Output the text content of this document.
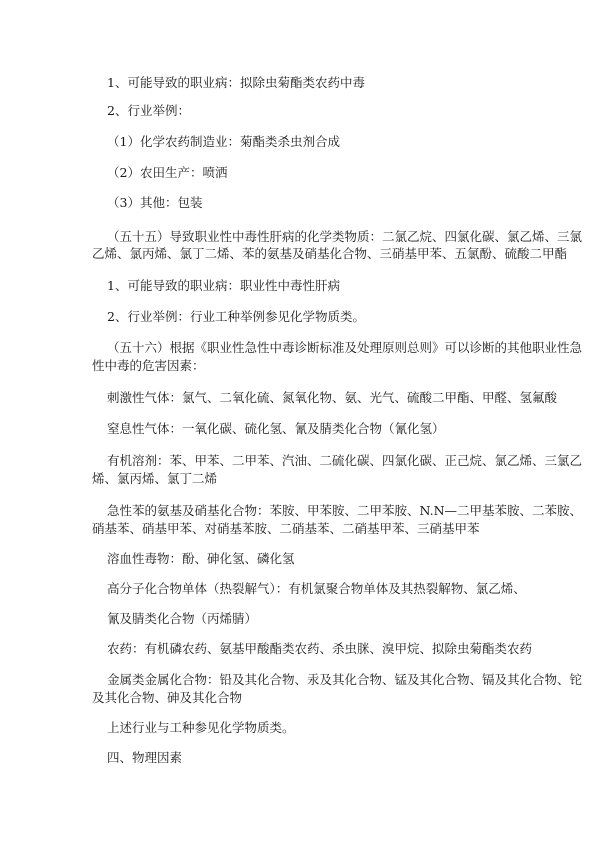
1、可能导致的职业病：拟除虫菊酯类农药中毒
2、行业举例：
（1）化学农药制造业：菊酯类杀虫剂合成
（2）农田生产：喷洒
（3）其他：包装
（五十五）导致职业性中毒性肝病的化学类物质：二氯乙烷、四氯化碳、氯乙烯、三氯
乙烯、氯丙烯、氯丁二烯、苯的氨基及硝基化合物、三硝基甲苯、五氯酚、硫酸二甲酯
1、可能导致的职业病：职业性中毒性肝病
2、行业举例：行业工种举例参见化学物质类。
（五十六）根据《职业性急性中毒诊断标准及处理原则总则》可以诊断的其他职业性急
性中毒的危害因素：
刺激性气体：氯气、二氧化硫、氮氧化物、氨、光气、硫酸二甲酯、甲醛、氢氟酸
窒息性气体：一氧化碳、硫化氢、氰及腈类化合物（氰化氢）
有机溶剂：苯、甲苯、二甲苯、汽油、二硫化碳、四氯化碳、正己烷、氯乙烯、三氯乙
烯、氯丙烯、氯丁二烯
急性苯的氨基及硝基化合物：苯胺、甲苯胺、二甲苯胺、N.N—二甲基苯胺、二苯胺、
硝基苯、硝基甲苯、对硝基苯胺、二硝基苯、二硝基甲苯、三硝基甲苯
溶血性毒物：酚、砷化氢、磷化氢
高分子化合物单体（热裂解气）：有机氯聚合物单体及其热裂解物、氯乙烯、
氰及腈类化合物（丙烯腈）
农药：有机磷农药、氨基甲酸酯类农药、杀虫脒、溴甲烷、拟除虫菊酯类农药
金属类金属化合物：铅及其化合物、汞及其化合物、锰及其化合物、镉及其化合物、铊
及其化合物、砷及其化合物
上述行业与工种参见化学物质类。
四、物理因素
